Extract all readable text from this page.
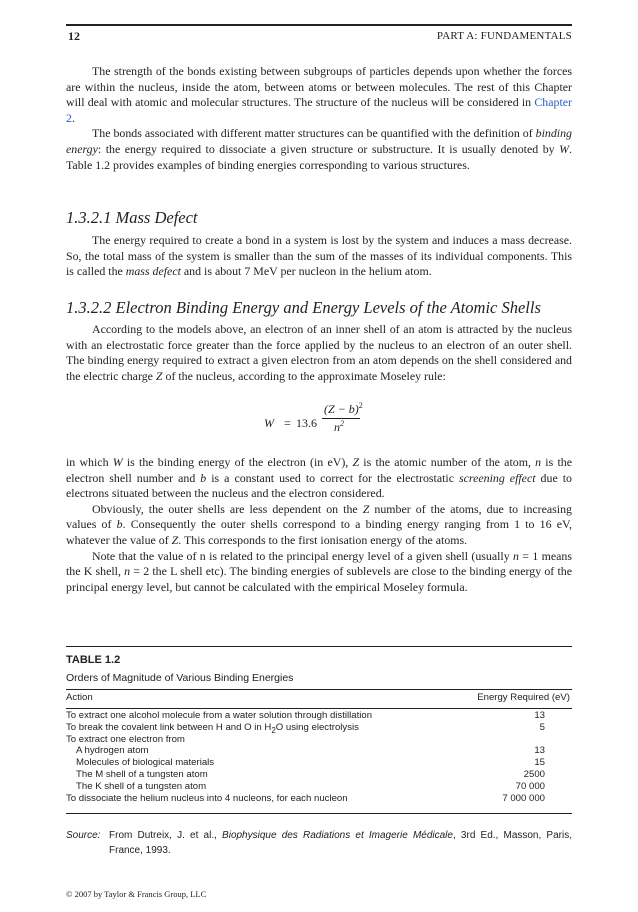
12	PART A: FUNDAMENTALS

The strength of the bonds existing between subgroups of particles depends upon whether the forces are within the nucleus, inside the atom, between atoms or between molecules. The rest of this Chapter will deal with atomic and molecular structures. The structure of the nucleus will be considered in Chapter 2.

The bonds associated with different matter structures can be quantified with the definition of binding energy: the energy required to dissociate a given structure or substructure. It is usually denoted by W. Table 1.2 provides examples of binding energies corresponding to various structures.

1.3.2.1 Mass Defect

The energy required to create a bond in a system is lost by the system and induces a mass decrease. So, the total mass of the system is smaller than the sum of the masses of its individual components. This is called the mass defect and is about 7 MeV per nucleon in the helium atom.

1.3.2.2 Electron Binding Energy and Energy Levels of the Atomic Shells

According to the models above, an electron of an inner shell of an atom is attracted by the nucleus with an electrostatic force greater than the force applied by the nucleus to an electron of an outer shell. The binding energy required to extract a given electron from an atom depends on the shell considered and the electric charge Z of the nucleus, according to the approximate Moseley rule:

W = 13.6
$(Z - b)^2$
$n^2$

in which W is the binding energy of the electron (in eV), Z is the atomic number of the atom, n is the electron shell number and b is a constant used to correct for the electrostatic screening effect due to electrons situated between the nucleus and the electron considered.

Obviously, the outer shells are less dependent on the Z number of the atoms, due to increasing values of b. Consequently the outer shells correspond to a binding energy ranging from 1 to 16 eV, whatever the value of Z. This corresponds to the first ionisation energy of the atoms.

Note that the value of n is related to the principal energy level of a given shell (usually n = 1 means the K shell, n = 2 the L shell etc). The binding energies of sublevels are close to the binding energy of the principal energy level, but cannot be calculated with the empirical Moseley formula.

TABLE 1.2
Orders of Magnitude of Various Binding Energies
Action	Energy Required (eV)
To extract one alcohol molecule from a water solution through distillation	13
To break the covalent link between H and O in $H_2O$ using electrolysis	5
To extract one electron from
A hydrogen atom	13
Molecules of biological materials	15
The M shell of a tungsten atom	2500
The K shell of a tungsten atom	70 000
To dissociate the helium nucleus into 4 nucleons, for each nucleon	7 000 000
Source: From Dutreix, J. et al., Biophysique des Radiations et Imagerie Médicale, 3rd Ed., Masson, Paris, France, 1993.
© 2007 by Taylor & Francis Group, LLC
